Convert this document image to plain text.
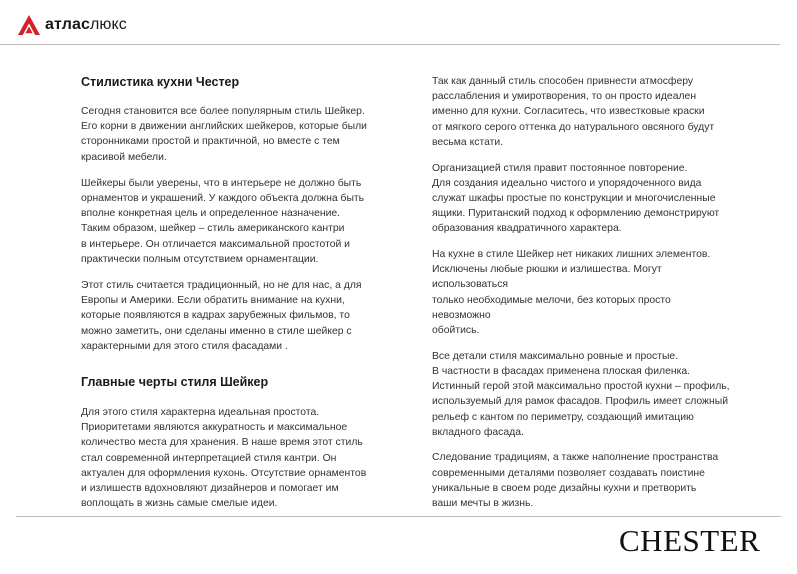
атласлюкс
Стилистика кухни Честер

Сегодня становится все более популярным стиль Шейкер.
Его корни в движении английских шейкеров, которые были
сторонниками простой и практичной, но вместе с тем
красивой мебели.

Шейкеры были уверены, что в интерьере не должно быть
орнаментов и украшений. У каждого объекта должна быть
вполне конкретная цель и определенное назначение.
Таким образом, шейкер – стиль американского кантри
в интерьере. Он отличается максимальной простотой и
практически полным отсутствием орнаментации.

Этот стиль считается традиционный, но не для нас, а для
Европы и Америки. Если обратить внимание на кухни,
которые появляются в кадрах зарубежных фильмов, то
можно заметить, они сделаны именно в стиле шейкер с
характерными для этого стиля фасадами .

Главные черты стиля Шейкер

Для этого стиля характерна идеальная простота.
Приоритетами являются аккуратность и максимальное
количество места для хранения. В наше время этот стиль
стал современной интерпретацией стиля кантри. Он
актуален для оформления кухонь. Отсутствие орнаментов
и излишеств вдохновляют дизайнеров и помогает им
воплощать в жизнь самые смелые идеи.

Так как данный стиль способен привнести атмосферу
расслабления и умиротворения, то он просто идеален
именно для кухни. Согласитесь, что известковые краски
от мягкого серого оттенка до натурального овсяного будут
весьма кстати.

Организацией стиля правит постоянное повторение.
Для создания идеально чистого и упорядоченного вида
служат шкафы простые по конструкции и многочисленные
ящики. Пуританский подход к оформлению демонстрируют
образования квадратичного характера.

На кухне в стиле Шейкер нет никаких лишних элементов.
Исключены любые рюшки и излишества. Могут использоваться
только необходимые мелочи, без которых просто невозможно
обойтись.

Все детали стиля максимально ровные и простые.
В частности в фасадах применена плоская филенка.
Истинный герой этой максимально простой кухни – профиль,
используемый для рамок фасадов. Профиль имеет сложный
рельеф с кантом по периметру, создающий имитацию
вкладного фасада.

Следование традициям, а также наполнение пространства
современными деталями позволяет создавать поистине
уникальные в своем роде дизайны кухни и претворить
ваши мечты в жизнь.

CHESTER
